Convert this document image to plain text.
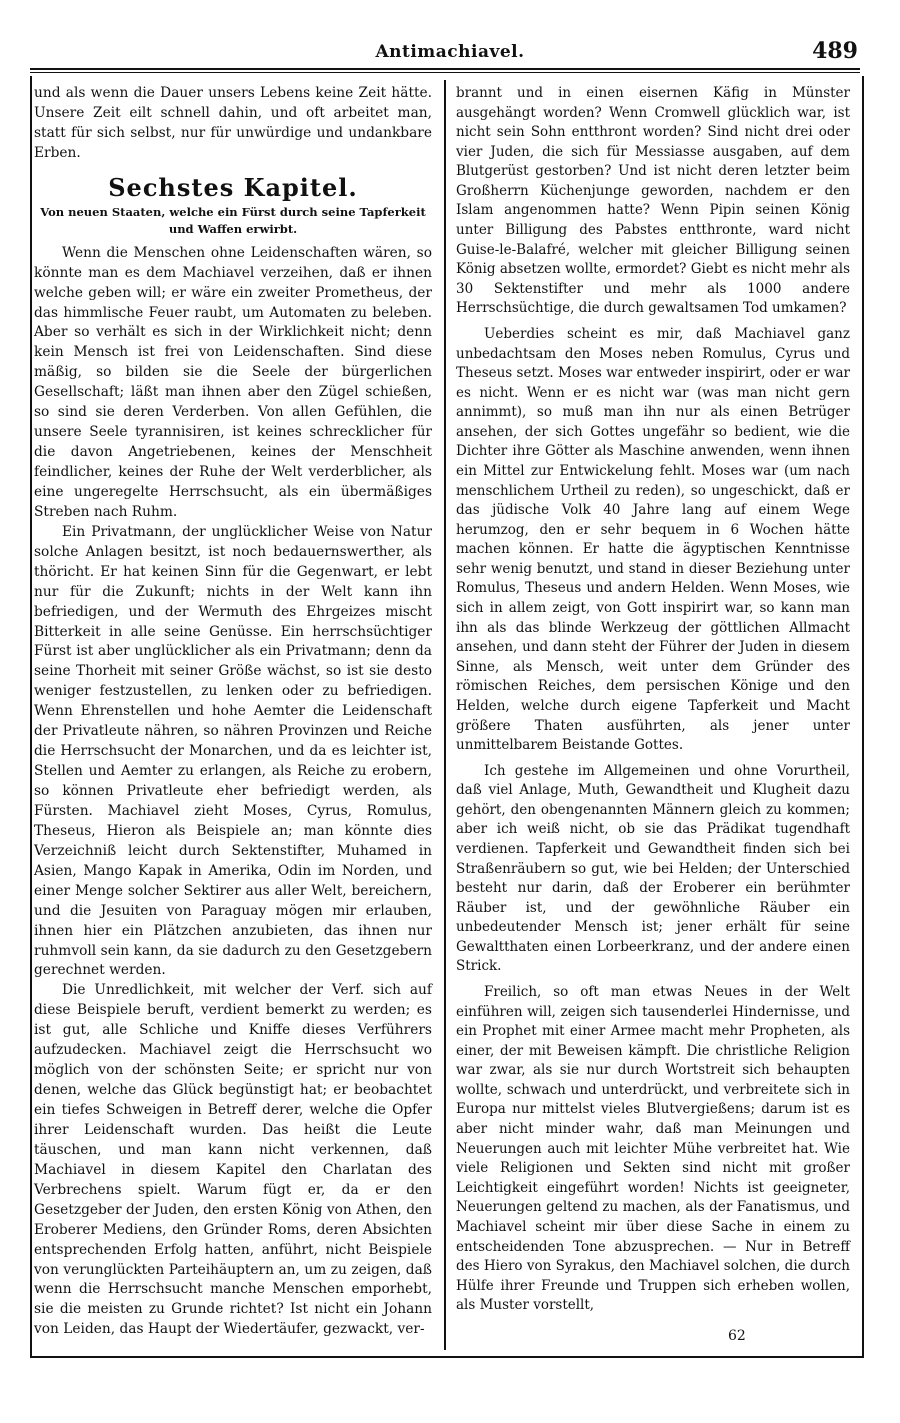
Antimachiavel.	489

und als wenn die Dauer unsers Lebens keine Zeit hätte. Unsere Zeit eilt schnell dahin, und oft arbeitet man, statt für sich selbst, nur für unwürdige und undankbare Erben.

Sechstes Kapitel.
Von neuen Staaten, welche ein Fürst durch seine Tapferkeit und Waffen erwirbt.

Wenn die Menschen ohne Leidenschaften wären, so könnte man es dem Machiavel verzeihen, daß er ihnen welche geben will; er wäre ein zweiter Prometheus, der das himmlische Feuer raubt, um Automaten zu beleben. Aber so verhält es sich in der Wirklichkeit nicht; denn kein Mensch ist frei von Leidenschaften. Sind diese mäßig, so bilden sie die Seele der bürgerlichen Gesellschaft; läßt man ihnen aber den Zügel schießen, so sind sie deren Verderben. Von allen Gefühlen, die unsere Seele tyrannisiren, ist keines schrecklicher für die davon Angetriebenen, keines der Menschheit feindlicher, keines der Ruhe der Welt verderblicher, als eine ungeregelte Herrschsucht, als ein übermäßiges Streben nach Ruhm.

Ein Privatmann, der unglücklicher Weise von Natur solche Anlagen besitzt, ist noch bedauernswerther, als thöricht. Er hat keinen Sinn für die Gegenwart, er lebt nur für die Zukunft; nichts in der Welt kann ihn befriedigen, und der Wermuth des Ehrgeizes mischt Bitterkeit in alle seine Genüsse. Ein herrschsüchtiger Fürst ist aber unglücklicher als ein Privatmann; denn da seine Thorheit mit seiner Größe wächst, so ist sie desto weniger festzustellen, zu lenken oder zu befriedigen. Wenn Ehrenstellen und hohe Aemter die Leidenschaft der Privatleute nähren, so nähren Provinzen und Reiche die Herrschsucht der Monarchen, und da es leichter ist, Stellen und Aemter zu erlangen, als Reiche zu erobern, so können Privatleute eher befriedigt werden, als Fürsten. Machiavel zieht Moses, Cyrus, Romulus, Theseus, Hieron als Beispiele an; man könnte dies Verzeichniß leicht durch Sektenstifter, Muhamed in Asien, Mango Kapak in Amerika, Odin im Norden, und einer Menge solcher Sektirer aus aller Welt, bereichern, und die Jesuiten von Paraguay mögen mir erlauben, ihnen hier ein Plätzchen anzubieten, das ihnen nur ruhmvoll sein kann, da sie dadurch zu den Gesetzgebern gerechnet werden.

Die Unredlichkeit, mit welcher der Verf. sich auf diese Beispiele beruft, verdient bemerkt zu werden; es ist gut, alle Schliche und Kniffe dieses Verführers aufzudecken. Machiavel zeigt die Herrschsucht wo möglich von der schönsten Seite; er spricht nur von denen, welche das Glück begünstigt hat; er beobachtet ein tiefes Schweigen in Betreff derer, welche die Opfer ihrer Leidenschaft wurden. Das heißt die Leute täuschen, und man kann nicht verkennen, daß Machiavel in diesem Kapitel den Charlatan des Verbrechens spielt. Warum fügt er, da er den Gesetzgeber der Juden, den ersten König von Athen, den Eroberer Mediens, den Gründer Roms, deren Absichten entsprechenden Erfolg hatten, anführt, nicht Beispiele von verunglückten Parteihäuptern an, um zu zeigen, daß wenn die Herrschsucht manche Menschen emporhebt, sie die meisten zu Grunde richtet? Ist nicht ein Johann von Leiden, das Haupt der Wiedertäufer, gezwackt, ver-

brannt und in einen eisernen Käfig in Münster ausgehängt worden? Wenn Cromwell glücklich war, ist nicht sein Sohn entthront worden? Sind nicht drei oder vier Juden, die sich für Messiasse ausgaben, auf dem Blutgerüst gestorben? Und ist nicht deren letzter beim Großherrn Küchenjunge geworden, nachdem er den Islam angenommen hatte? Wenn Pipin seinen König unter Billigung des Pabstes entthronte, ward nicht Guise-le-Balafré, welcher mit gleicher Billigung seinen König absetzen wollte, ermordet? Giebt es nicht mehr als 30 Sektenstifter und mehr als 1000 andere Herrschsüchtige, die durch gewaltsamen Tod umkamen?

Ueberdies scheint es mir, daß Machiavel ganz unbedachtsam den Moses neben Romulus, Cyrus und Theseus setzt. Moses war entweder inspirirt, oder er war es nicht. Wenn er es nicht war (was man nicht gern annimmt), so muß man ihn nur als einen Betrüger ansehen, der sich Gottes ungefähr so bedient, wie die Dichter ihre Götter als Maschine anwenden, wenn ihnen ein Mittel zur Entwickelung fehlt. Moses war (um nach menschlichem Urtheil zu reden), so ungeschickt, daß er das jüdische Volk 40 Jahre lang auf einem Wege herumzog, den er sehr bequem in 6 Wochen hätte machen können. Er hatte die ägyptischen Kenntnisse sehr wenig benutzt, und stand in dieser Beziehung unter Romulus, Theseus und andern Helden. Wenn Moses, wie sich in allem zeigt, von Gott inspirirt war, so kann man ihn als das blinde Werkzeug der göttlichen Allmacht ansehen, und dann steht der Führer der Juden in diesem Sinne, als Mensch, weit unter dem Gründer des römischen Reiches, dem persischen Könige und den Helden, welche durch eigene Tapferkeit und Macht größere Thaten ausführten, als jener unter unmittelbarem Beistande Gottes.

Ich gestehe im Allgemeinen und ohne Vorurtheil, daß viel Anlage, Muth, Gewandtheit und Klugheit dazu gehört, den obengenannten Männern gleich zu kommen; aber ich weiß nicht, ob sie das Prädikat tugendhaft verdienen. Tapferkeit und Gewandtheit finden sich bei Straßenräubern so gut, wie bei Helden; der Unterschied besteht nur darin, daß der Eroberer ein berühmter Räuber ist, und der gewöhnliche Räuber ein unbedeutender Mensch ist; jener erhält für seine Gewaltthaten einen Lorbeerkranz, und der andere einen Strick.

Freilich, so oft man etwas Neues in der Welt einführen will, zeigen sich tausenderlei Hindernisse, und ein Prophet mit einer Armee macht mehr Propheten, als einer, der mit Beweisen kämpft. Die christliche Religion war zwar, als sie nur durch Wortstreit sich behaupten wollte, schwach und unterdrückt, und verbreitete sich in Europa nur mittelst vieles Blutvergießens; darum ist es aber nicht minder wahr, daß man Meinungen und Neuerungen auch mit leichter Mühe verbreitet hat. Wie viele Religionen und Sekten sind nicht mit großer Leichtigkeit eingeführt worden! Nichts ist geeigneter, Neuerungen geltend zu machen, als der Fanatismus, und Machiavel scheint mir über diese Sache in einem zu entscheidenden Tone abzusprechen. — Nur in Betreff des Hiero von Syrakus, den Machiavel solchen, die durch Hülfe ihrer Freunde und Truppen sich erheben wollen, als Muster vorstellt,

62
